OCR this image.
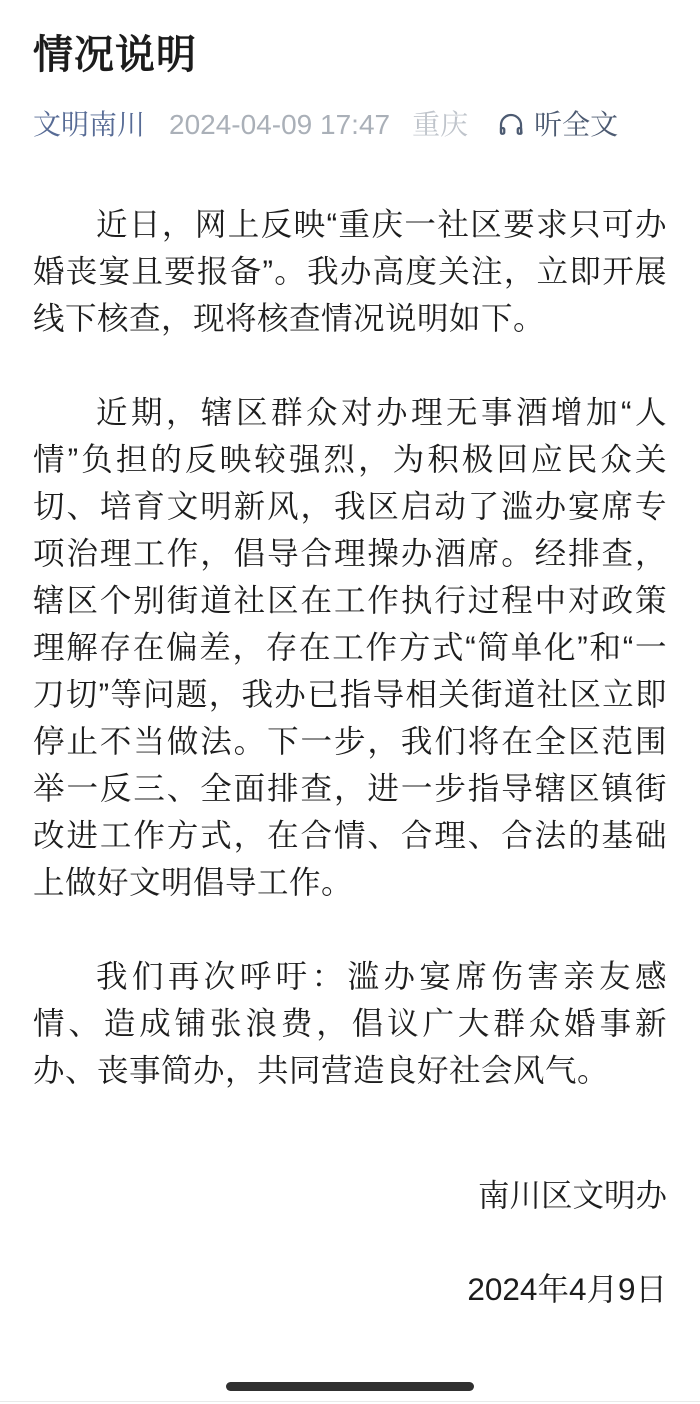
情况说明
文明南川 2024-04-09 17:47 重庆 听全文

近日，网上反映“重庆一社区要求只可办婚丧宴且要报备”。我办高度关注，立即开展线下核查，现将核查情况说明如下。

近期，辖区群众对办理无事酒增加“人情”负担的反映较强烈，为积极回应民众关切、培育文明新风，我区启动了滥办宴席专项治理工作，倡导合理操办酒席。经排查，辖区个别街道社区在工作执行过程中对政策理解存在偏差，存在工作方式“简单化”和“一刀切”等问题，我办已指导相关街道社区立即停止不当做法。下一步，我们将在全区范围举一反三、全面排查，进一步指导辖区镇街改进工作方式，在合情、合理、合法的基础上做好文明倡导工作。

我们再次呼吁：滥办宴席伤害亲友感情、造成铺张浪费，倡议广大群众婚事新办、丧事简办，共同营造良好社会风气。

南川区文明办
2024年4月9日
